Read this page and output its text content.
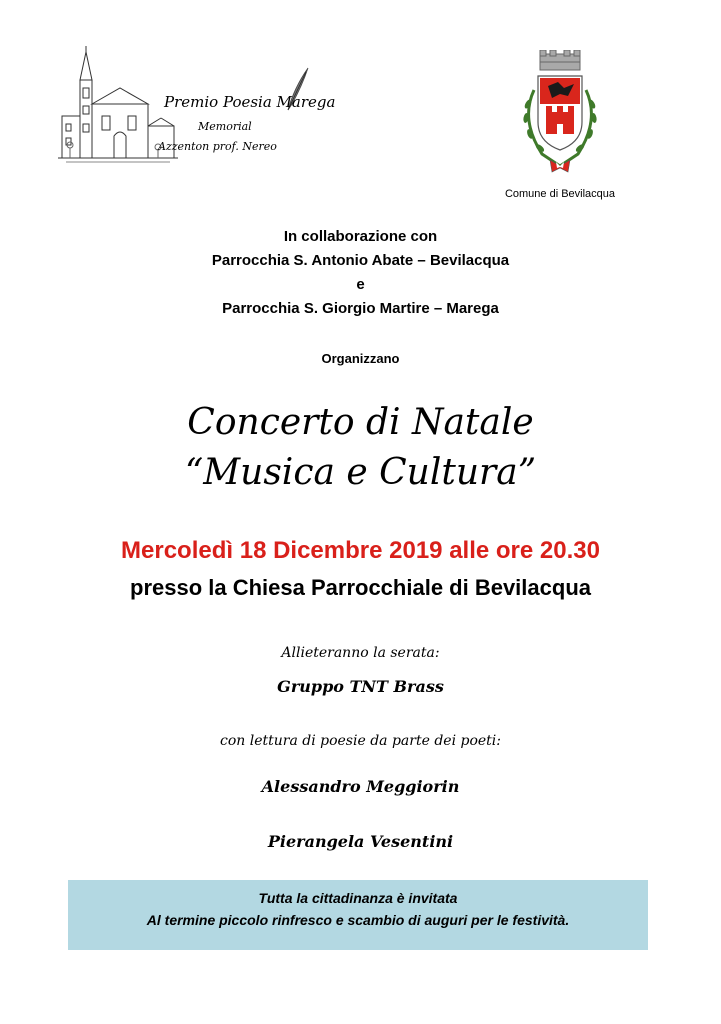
Premio Poesia Marega
Memorial
Azzenton prof. Nereo
Comune di Bevilacqua
In collaborazione con
Parrocchia S. Antonio Abate – Bevilacqua
e
Parrocchia S. Giorgio Martire – Marega
Organizzano
Concerto di Natale
“Musica e Cultura”
Mercoledì 18 Dicembre 2019 alle ore 20.30
presso la Chiesa Parrocchiale di Bevilacqua
Allieteranno la serata:
Gruppo TNT Brass
con lettura di poesie da parte dei poeti:
Alessandro Meggiorin
Pierangela Vesentini
Tutta la cittadinanza è invitata
Al termine piccolo rinfresco e scambio di auguri per le festività.
